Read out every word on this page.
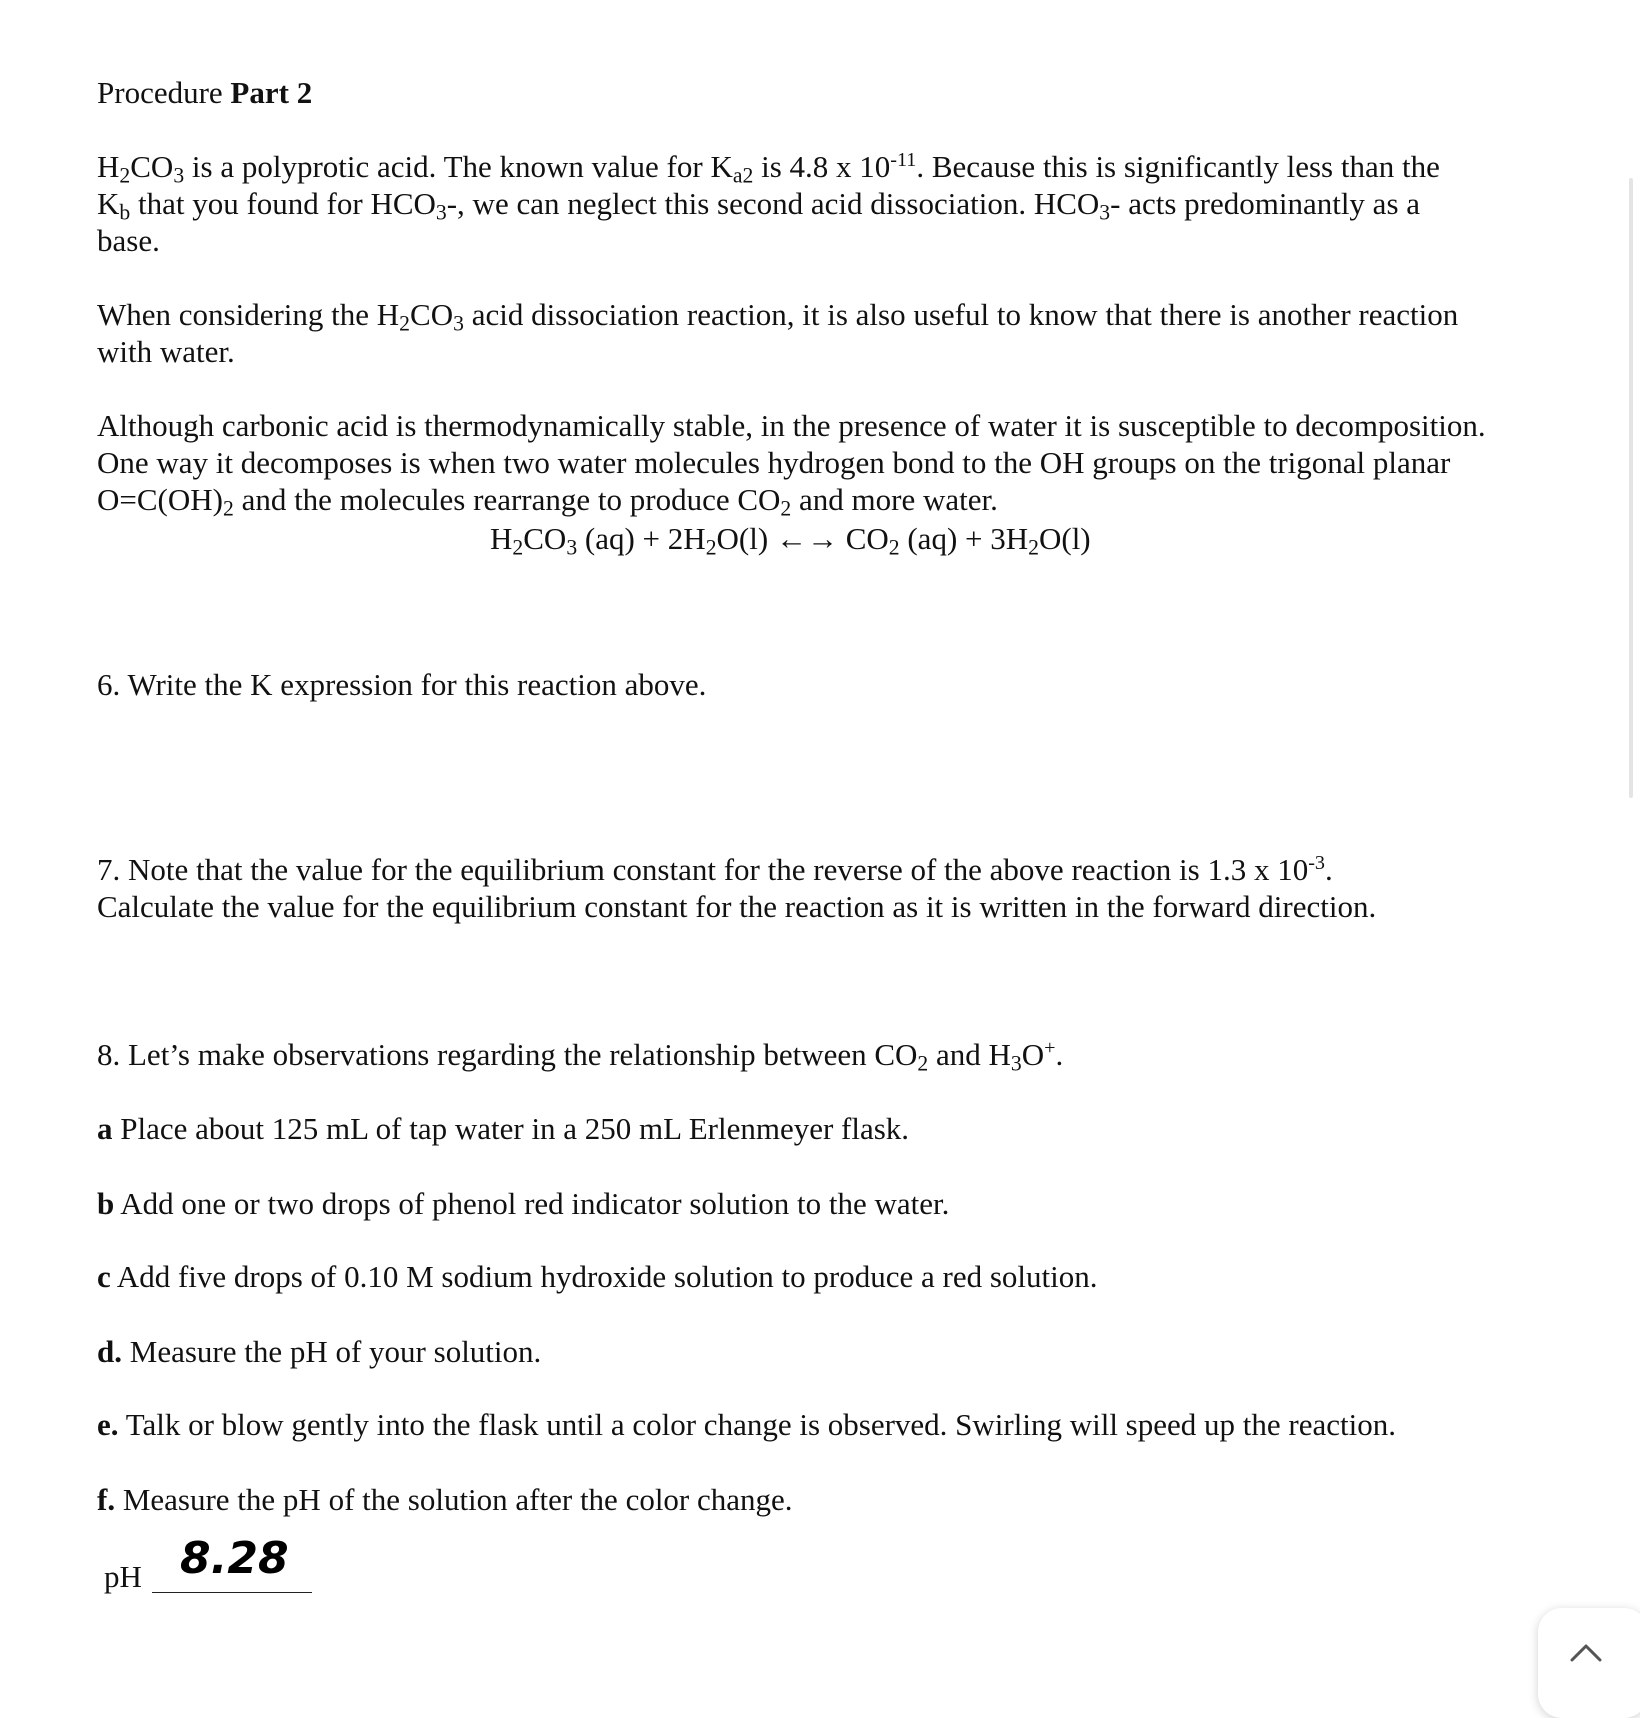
Procedure Part 2
$H_2CO_3$ is a polyprotic acid. The known value for $K_{a2}$ is 4.8 x $10^{-11}$. Because this is significantly less than the
$K_b$ that you found for $HCO_3-$, we can neglect this second acid dissociation. $HCO_3-$ acts predominantly as a
base.
When considering the $H_2CO_3$ acid dissociation reaction, it is also useful to know that there is another reaction
with water.
Although carbonic acid is thermodynamically stable, in the presence of water it is susceptible to decomposition.
One way it decomposes is when two water molecules hydrogen bond to the OH groups on the trigonal planar
$O=C(OH)_2$ and the molecules rearrange to produce $CO_2$ and more water.
$H_2CO_3$ $(aq) + 2H_2O(l)$ ←→ $CO_2$ $(aq) + 3H_2O(l)$
6. Write the K expression for this reaction above.
7. Note that the value for the equilibrium constant for the reverse of the above reaction is 1.3 x $10^{-3}$.
Calculate the value for the equilibrium constant for the reaction as it is written in the forward direction.
8. Let’s make observations regarding the relationship between $CO_2$ and $H_3O^+$.
a Place about 125 mL of tap water in a 250 mL Erlenmeyer flask.
b Add one or two drops of phenol red indicator solution to the water.
c Add five drops of 0.10 M sodium hydroxide solution to produce a red solution.
d. Measure the pH of your solution.
e. Talk or blow gently into the flask until a color change is observed. Swirling will speed up the reaction.
f. Measure the pH of the solution after the color change.
pH 8.28
